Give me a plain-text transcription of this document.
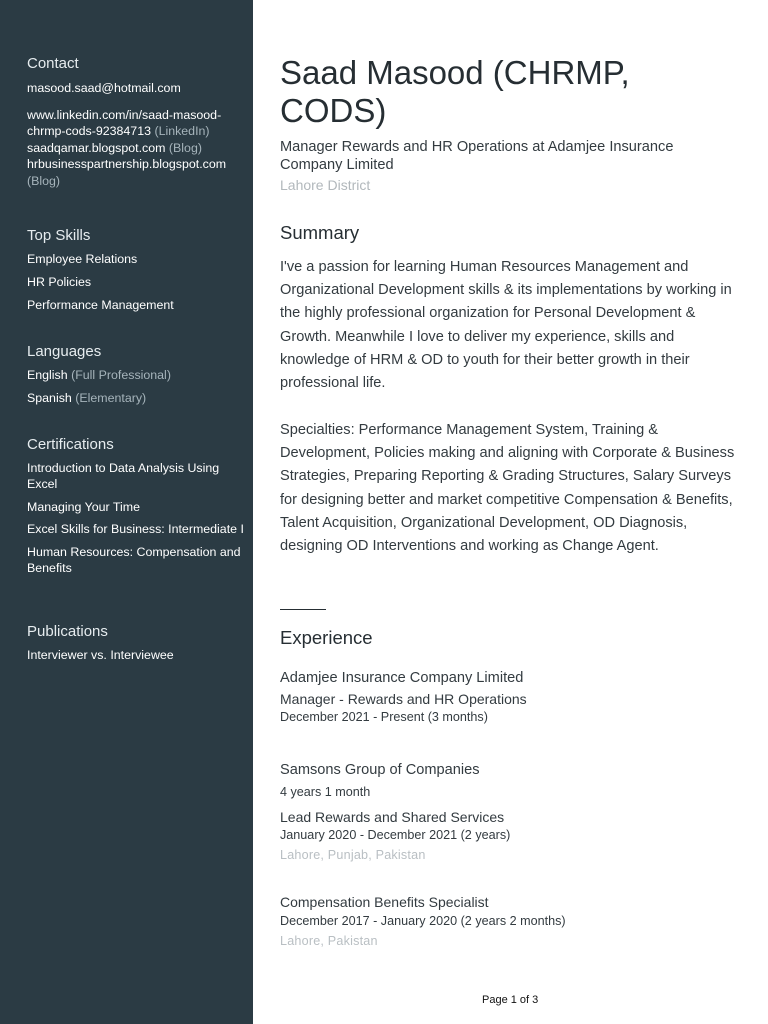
Contact
masood.saad@hotmail.com
www.linkedin.com/in/saad-masood-
chrmp-cods-92384713 (LinkedIn)
saadqamar.blogspot.com (Blog)
hrbusinesspartnership.blogspot.com
(Blog)
Top Skills
Employee Relations
HR Policies
Performance Management
Languages
English (Full Professional)
Spanish (Elementary)
Certifications
Introduction to Data Analysis Using Excel
Managing Your Time
Excel Skills for Business: Intermediate I
Human Resources: Compensation and Benefits
Publications
Interviewer vs. Interviewee
Saad Masood (CHRMP, CODS)
Manager Rewards and HR Operations at Adamjee Insurance Company Limited
Lahore District
Summary

I've a passion for learning Human Resources Management and Organizational Development skills & its implementations by working in the highly professional organization for Personal Development & Growth. Meanwhile I love to deliver my experience, skills and knowledge of HRM & OD to youth for their better growth in their professional life.

Specialties: Performance Management System, Training & Development, Policies making and aligning with Corporate & Business Strategies, Preparing Reporting & Grading Structures, Salary Surveys for designing better and market competitive Compensation & Benefits, Talent Acquisition, Organizational Development, OD Diagnosis, designing OD Interventions and working as Change Agent.

Experience
Adamjee Insurance Company Limited
Manager - Rewards and HR Operations
December 2021 - Present (3 months)
Samsons Group of Companies
4 years 1 month
Lead Rewards and Shared Services
January 2020 - December 2021 (2 years)
Lahore, Punjab, Pakistan
Compensation Benefits Specialist
December 2017 - January 2020 (2 years 2 months)
Lahore, Pakistan
Page 1 of 3
